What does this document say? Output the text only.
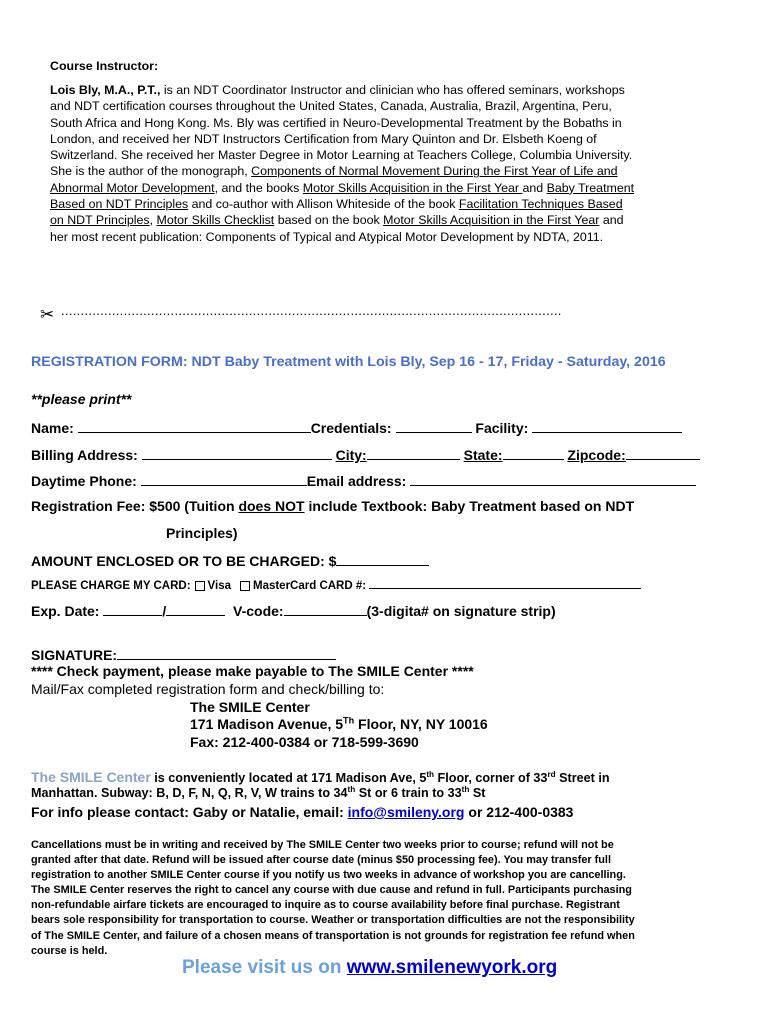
Course Instructor:
Lois Bly, M.A., P.T., is an NDT Coordinator Instructor and clinician who has offered seminars, workshops
and NDT certification courses throughout the United States, Canada, Australia, Brazil, Argentina, Peru,
South Africa and Hong Kong. Ms. Bly was certified in Neuro-Developmental Treatment by the Bobaths in
London, and received her NDT Instructors Certification from Mary Quinton and Dr. Elsbeth Koeng of
Switzerland. She received her Master Degree in Motor Learning at Teachers College, Columbia University.
She is the author of the monograph, Components of Normal Movement During the First Year of Life and
Abnormal Motor Development, and the books Motor Skills Acquisition in the First Year and Baby Treatment
Based on NDT Principles and co-author with Allison Whiteside of the book Facilitation Techniques Based
on NDT Principles, Motor Skills Checklist based on the book Motor Skills Acquisition in the First Year and
her most recent publication: Components of Typical and Atypical Motor Development by NDTA, 2011.
✂ ................................................................................................................................
REGISTRATION FORM: NDT Baby Treatment with Lois Bly, Sep 16 - 17, Friday - Saturday, 2016
**please print**
Name:	Credentials:	Facility:
Billing Address:	City:	State:	Zipcode:
Daytime Phone:	Email address:
Registration Fee: $500 (Tuition does NOT include Textbook: Baby Treatment based on NDT
Principles)
AMOUNT ENCLOSED OR TO BE CHARGED: $
PLEASE CHARGE MY CARD: Visa MasterCard CARD #:
Exp. Date:	/	V-code:	(3-digita# on signature strip)
SIGNATURE:
**** Check payment, please make payable to The SMILE Center ****
Mail/Fax completed registration form and check/billing to:
The SMILE Center
171 Madison Avenue, 5Th Floor, NY, NY 10016
Fax: 212-400-0384 or 718-599-3690
The SMILE Center is conveniently located at 171 Madison Ave, 5th Floor, corner of 33rd Street in
Manhattan. Subway: B, D, F, N, Q, R, V, W trains to 34th St or 6 train to 33th St
For info please contact: Gaby or Natalie, email: info@smileny.org or 212-400-0383
Cancellations must be in writing and received by The SMILE Center two weeks prior to course; refund will not be
granted after that date. Refund will be issued after course date (minus $50 processing fee). You may transfer full
registration to another SMILE Center course if you notify us two weeks in advance of workshop you are cancelling.
The SMILE Center reserves the right to cancel any course with due cause and refund in full. Participants purchasing
non-refundable airfare tickets are encouraged to inquire as to course availability before final purchase. Registrant
bears sole responsibility for transportation to course. Weather or transportation difficulties are not the responsibility
of The SMILE Center, and failure of a chosen means of transportation is not grounds for registration fee refund when
course is held.
Please visit us on www.smilenewyork.org
